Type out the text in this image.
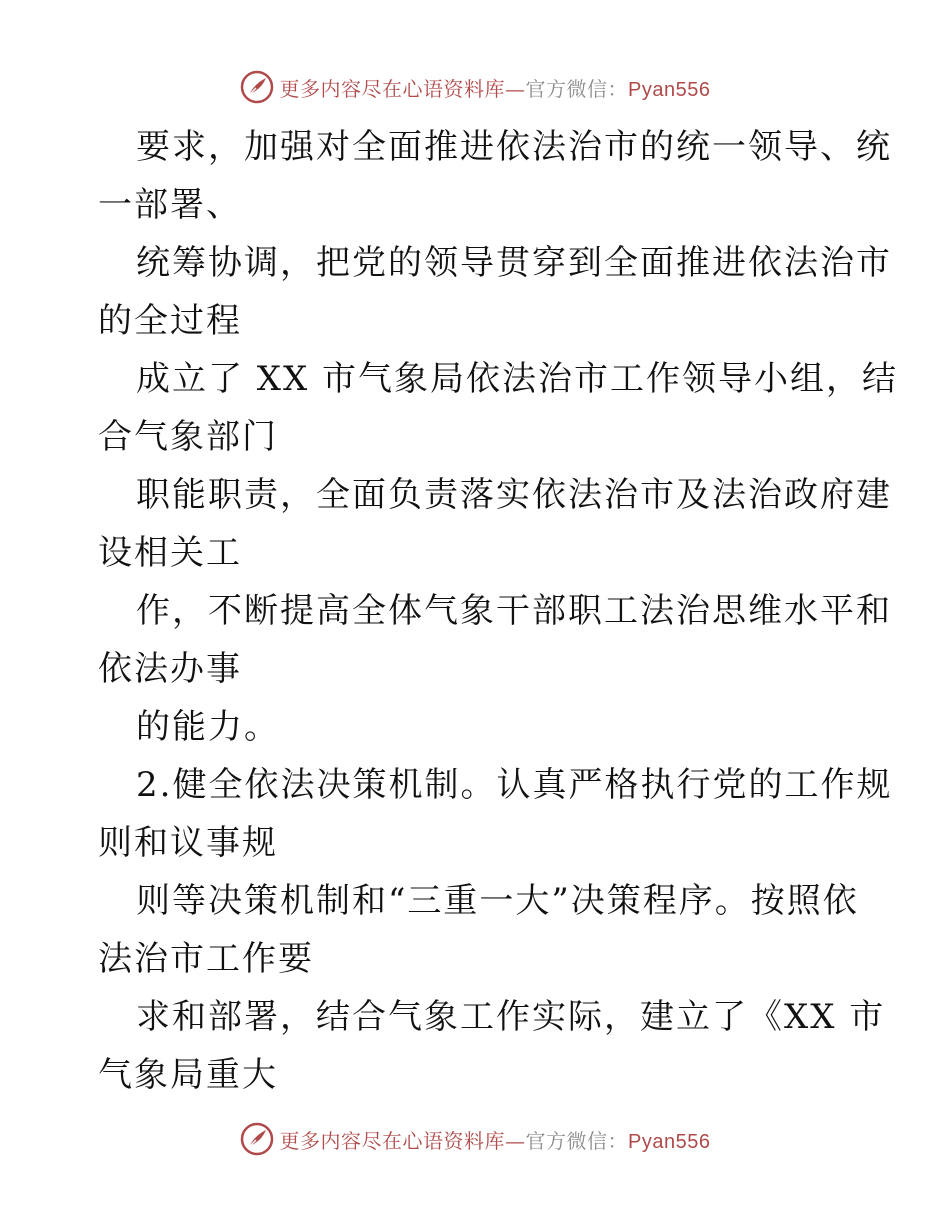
更多内容尽在心语资料库—官方微信：Pyan556
要求，加强对全面推进依法治市的统一领导、统
一部署、
统筹协调，把党的领导贯穿到全面推进依法治市
的全过程
成立了 XX 市气象局依法治市工作领导小组，结
合气象部门
职能职责，全面负责落实依法治市及法治政府建
设相关工
作，不断提高全体气象干部职工法治思维水平和
依法办事
的能力。
2.健全依法决策机制。认真严格执行党的工作规
则和议事规
则等决策机制和“三重一大”决策程序。按照依
法治市工作要
求和部署，结合气象工作实际，建立了《XX 市
气象局重大
更多内容尽在心语资料库—官方微信：Pyan556
